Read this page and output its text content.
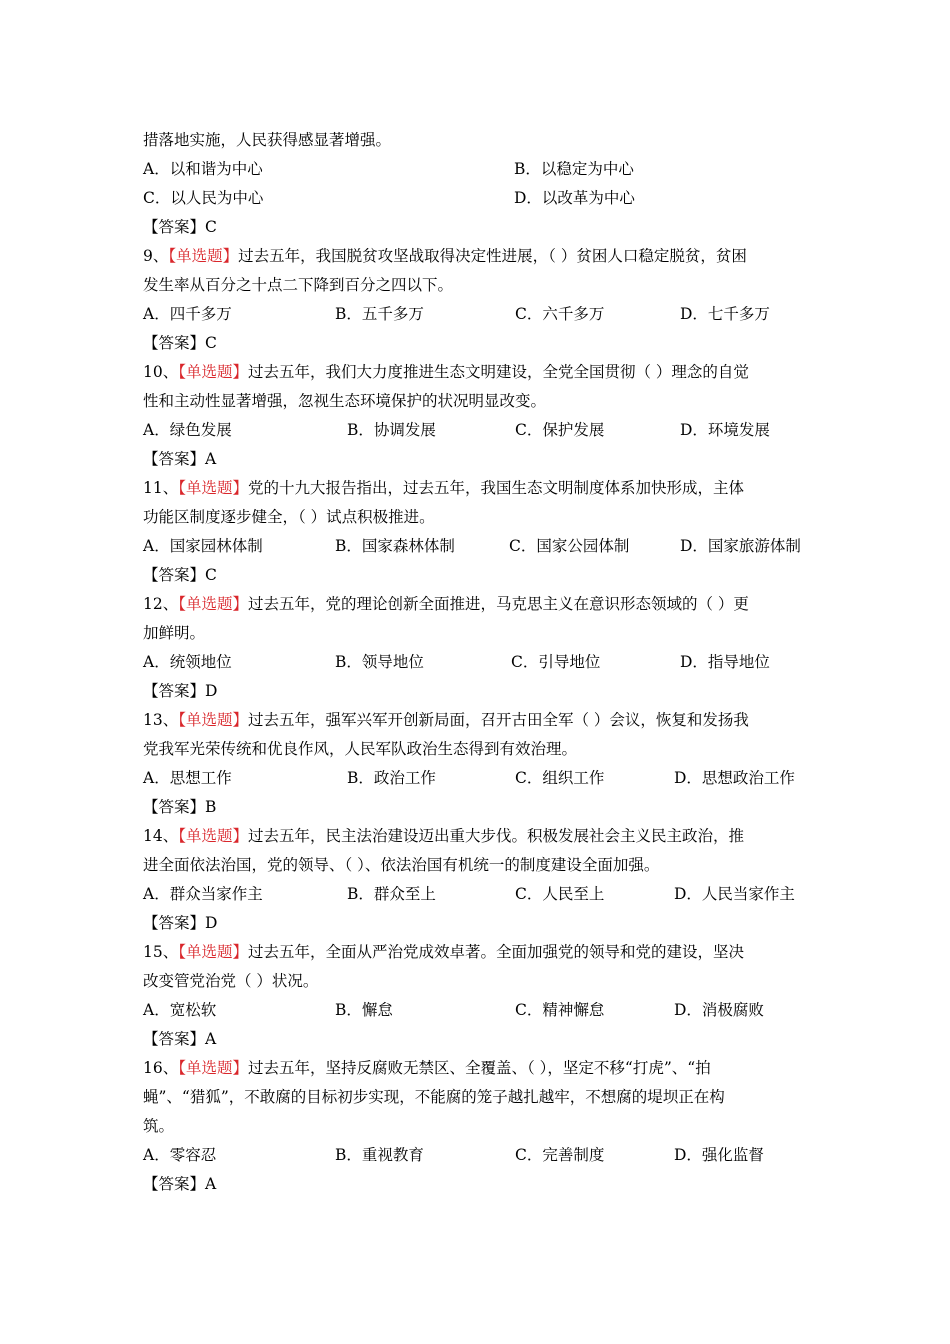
措落地实施，人民获得感显著增强。
A．以和谐为中心	B．以稳定为中心
C．以人民为中心	D．以改革为中心
【答案】C
9、【单选题】过去五年，我国脱贫攻坚战取得决定性进展，（ ）贫困人口稳定脱贫，贫困
发生率从百分之十点二下降到百分之四以下。
A．四千多万	B．五千多万	C．六千多万	D．七千多万
【答案】C
10、【单选题】过去五年，我们大力度推进生态文明建设，全党全国贯彻（ ）理念的自觉
性和主动性显著增强，忽视生态环境保护的状况明显改变。
A．绿色发展	B．协调发展	C．保护发展	D．环境发展
【答案】A
11、【单选题】党的十九大报告指出，过去五年，我国生态文明制度体系加快形成，主体
功能区制度逐步健全，（ ）试点积极推进。
A．国家园林体制	B．国家森林体制	C．国家公园体制	D．国家旅游体制
【答案】C
12、【单选题】过去五年，党的理论创新全面推进，马克思主义在意识形态领域的（ ）更
加鲜明。
A．统领地位	B．领导地位	C．引导地位	D．指导地位
【答案】D
13、【单选题】过去五年，强军兴军开创新局面，召开古田全军（ ）会议，恢复和发扬我
党我军光荣传统和优良作风，人民军队政治生态得到有效治理。
A．思想工作	B．政治工作	C．组织工作	D．思想政治工作
【答案】B
14、【单选题】过去五年，民主法治建设迈出重大步伐。积极发展社会主义民主政治，推
进全面依法治国，党的领导、（ ）、依法治国有机统一的制度建设全面加强。
A．群众当家作主	B．群众至上	C．人民至上	D．人民当家作主
【答案】D
15、【单选题】过去五年，全面从严治党成效卓著。全面加强党的领导和党的建设，坚决
改变管党治党（ ）状况。
A．宽松软	B．懈怠	C．精神懈怠	D．消极腐败
【答案】A
16、【单选题】过去五年，坚持反腐败无禁区、全覆盖、（ ），坚定不移“打虎”、“拍
蝇”、“猎狐”，不敢腐的目标初步实现，不能腐的笼子越扎越牢，不想腐的堤坝正在构
筑。
A．零容忍	B．重视教育	C．完善制度	D．强化监督
【答案】A
